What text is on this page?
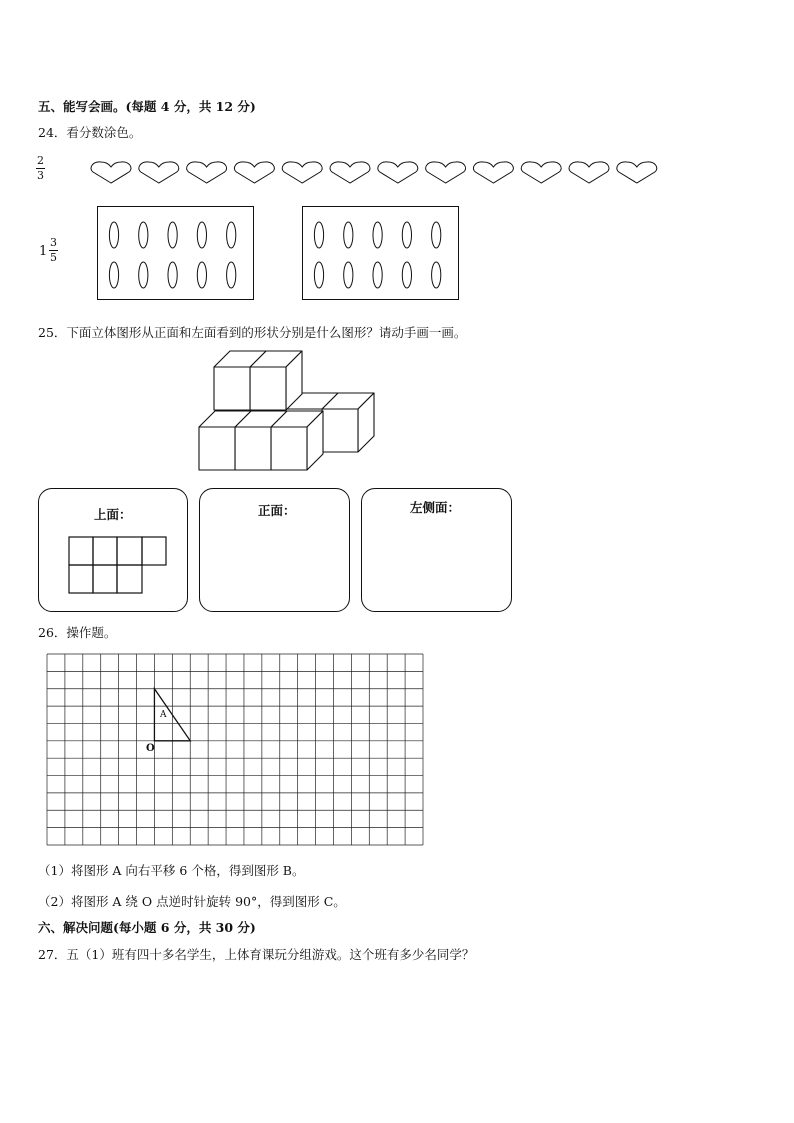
五、能写会画。(每题 4 分，共 12 分)
24．看分数涂色。
2
3
1
3
5
25．下面立体图形从正面和左面看到的形状分别是什么图形？请动手画一画。
上面：	正面：	左侧面：
26．操作题。
A
O
（1）将图形 A 向右平移 6 个格，得到图形 B。
（2）将图形 A 绕 O 点逆时针旋转 90°，得到图形 C。
六、解决问题(每小题 6 分，共 30 分)
27．五（1）班有四十多名学生，上体育课玩分组游戏。这个班有多少名同学？
